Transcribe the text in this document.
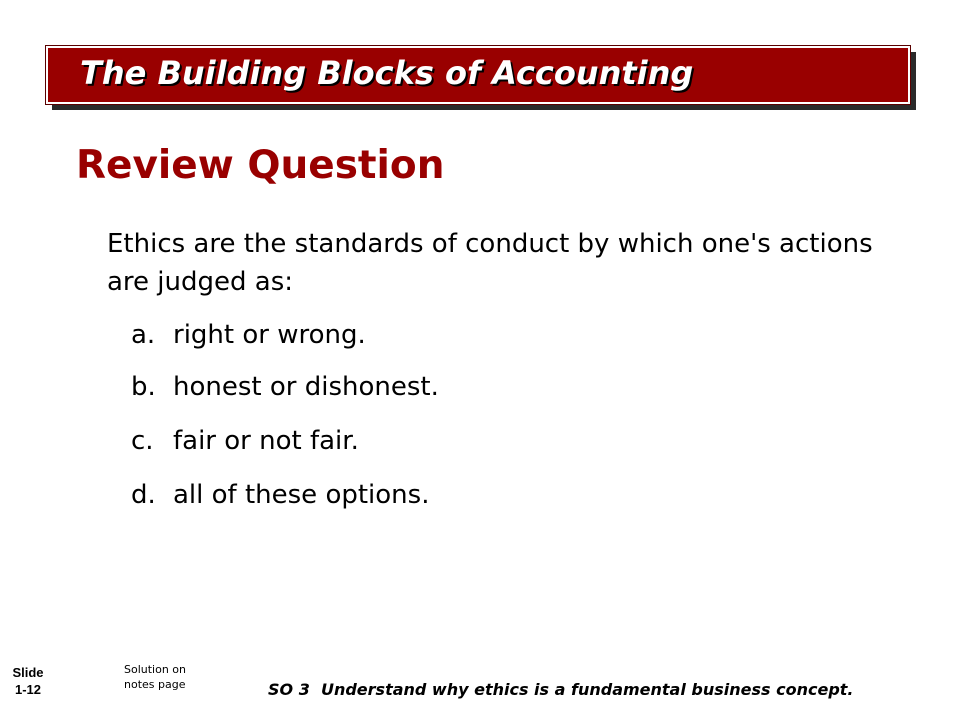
The Building Blocks of Accounting
Review Question
Ethics are the standards of conduct by which one's actions are judged as:
a. right or wrong.
b. honest or dishonest.
c. fair or not fair.
d. all of these options.
Slide
1-12
Solution on
notes page	SO 3  Understand why ethics is a fundamental business concept.
